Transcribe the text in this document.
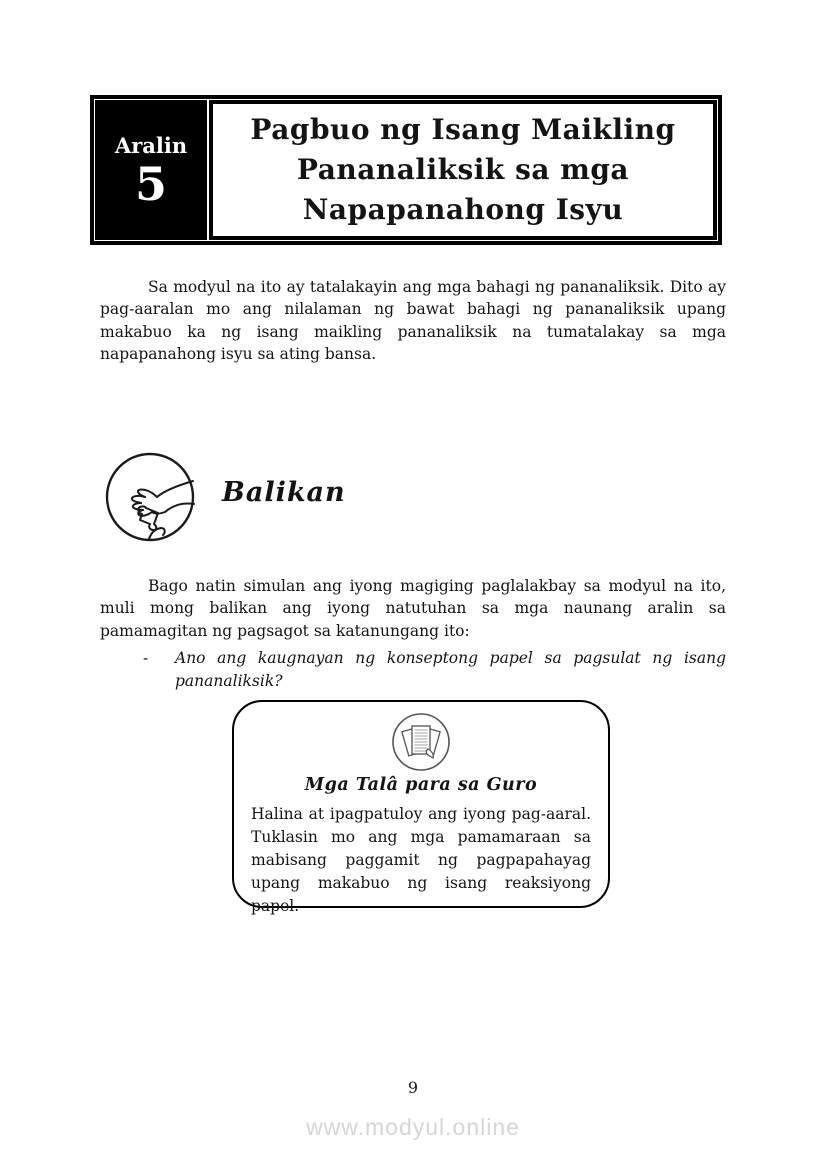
Aralin
5
Pagbuo ng Isang Maikling
Pananaliksik sa mga
Napapanahong Isyu

Sa modyul na ito ay tatalakayin ang mga bahagi ng pananaliksik. Dito ay pag-aaralan mo ang nilalaman ng bawat bahagi ng pananaliksik upang makabuo ka ng isang maikling pananaliksik na tumatalakay sa mga napapanahong isyu sa ating bansa.

Balikan

Bago natin simulan ang iyong magiging paglalakbay sa modyul na ito, muli mong balikan ang iyong natutuhan sa mga naunang aralin sa pamamagitan ng pagsagot sa katanungang ito:

-	Ano ang kaugnayan ng konseptong papel sa pagsulat ng isang pananaliksik?
Mga Talâ para sa Guro
Halina at ipagpatuloy ang iyong pag-aaral. Tuklasin mo ang mga pamamaraan sa mabisang paggamit ng pagpapahayag upang makabuo ng isang reaksiyong papel.
9
www.modyul.online
